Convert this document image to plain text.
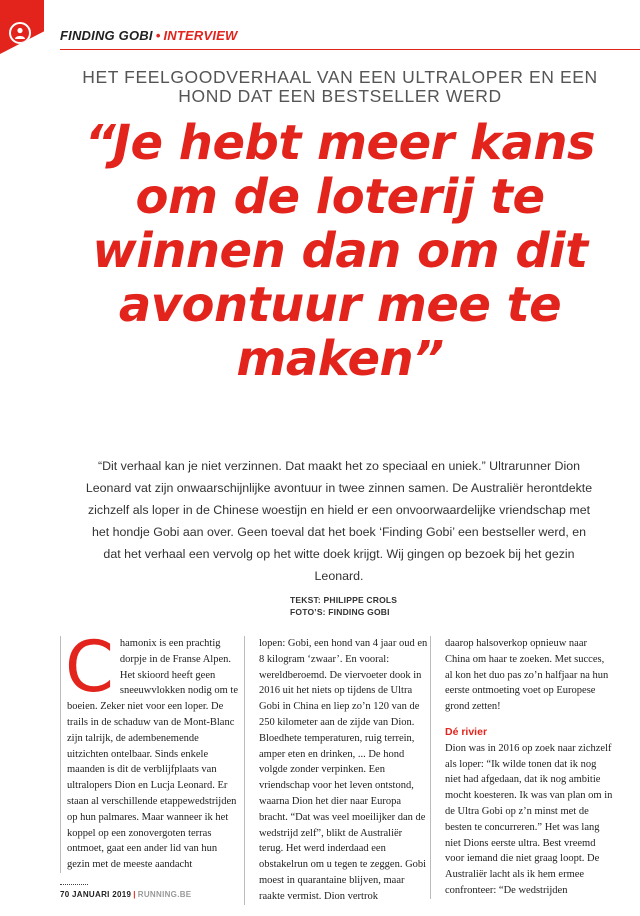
FINDING GOBI • INTERVIEW
HET FEELGOODVERHAAL VAN EEN ULTRALOPER EN EEN HOND DAT EEN BESTSELLER WERD
“Je hebt meer kans om de loterij te winnen dan om dit avontuur mee te maken”

“Dit verhaal kan je niet verzinnen. Dat maakt het zo speciaal en uniek.” Ultrarunner Dion Leonard vat zijn onwaarschijnlijke avontuur in twee zinnen samen. De Australiër herontdekte zichzelf als loper in de Chinese woestijn en hield er een onvoorwaardelijke vriendschap met het hondje Gobi aan over. Geen toeval dat het boek ‘Finding Gobi’ een bestseller werd, en dat het verhaal een vervolg op het witte doek krijgt. Wij gingen op bezoek bij het gezin Leonard.

TEKST: PHILIPPE CROLS
FOTO’S: FINDING GOBI
Chamonix is een prachtig dorpje in de Franse Alpen. Het skioord heeft geen sneeuwvlokken nodig om te boeien. Zeker niet voor een loper. De trails in de schaduw van de Mont-Blanc zijn talrijk, de adembenemende uitzichten ontelbaar. Sinds enkele maanden is dit de verblijfplaats van ultralopers Dion en Lucja Leonard. Er staan al verschillende etappewedstrijden op hun palmares. Maar wanneer ik het koppel op een zonovergoten terras ontmoet, gaat een ander lid van hun gezin met de meeste aandacht
lopen: Gobi, een hond van 4 jaar oud en 8 kilogram ‘zwaar’. En vooral: wereldberoemd. De viervoeter dook in 2016 uit het niets op tijdens de Ultra Gobi in China en liep zo’n 120 van de 250 kilometer aan de zijde van Dion. Bloedhete temperaturen, ruig terrein, amper eten en drinken, ... De hond volgde zonder verpinken. Een vriendschap voor het leven ontstond, waarna Dion het dier naar Europa bracht. “Dat was veel moeilijker dan de wedstrijd zelf”, blikt de Australiër terug. Het werd inderdaad een obstakelrun om u tegen te zeggen. Gobi moest in quarantaine blijven, maar raakte vermist. Dion vertrok
daarop halsoverkop opnieuw naar China om haar te zoeken. Met succes, al kon het duo pas zo’n halfjaar na hun eerste ontmoeting voet op Europese grond zetten!
Dé rivier
Dion was in 2016 op zoek naar zichzelf als loper: “Ik wilde tonen dat ik nog niet had afgedaan, dat ik nog ambitie mocht koesteren. Ik was van plan om in de Ultra Gobi op z’n minst met de besten te concurreren.” Het was lang niet Dions eerste ultra. Best vreemd voor iemand die niet graag loopt. De Australiër lacht als ik hem ermee confronteer: “De wedstrijden
70 JANUARI 2019 | RUNNING.BE
